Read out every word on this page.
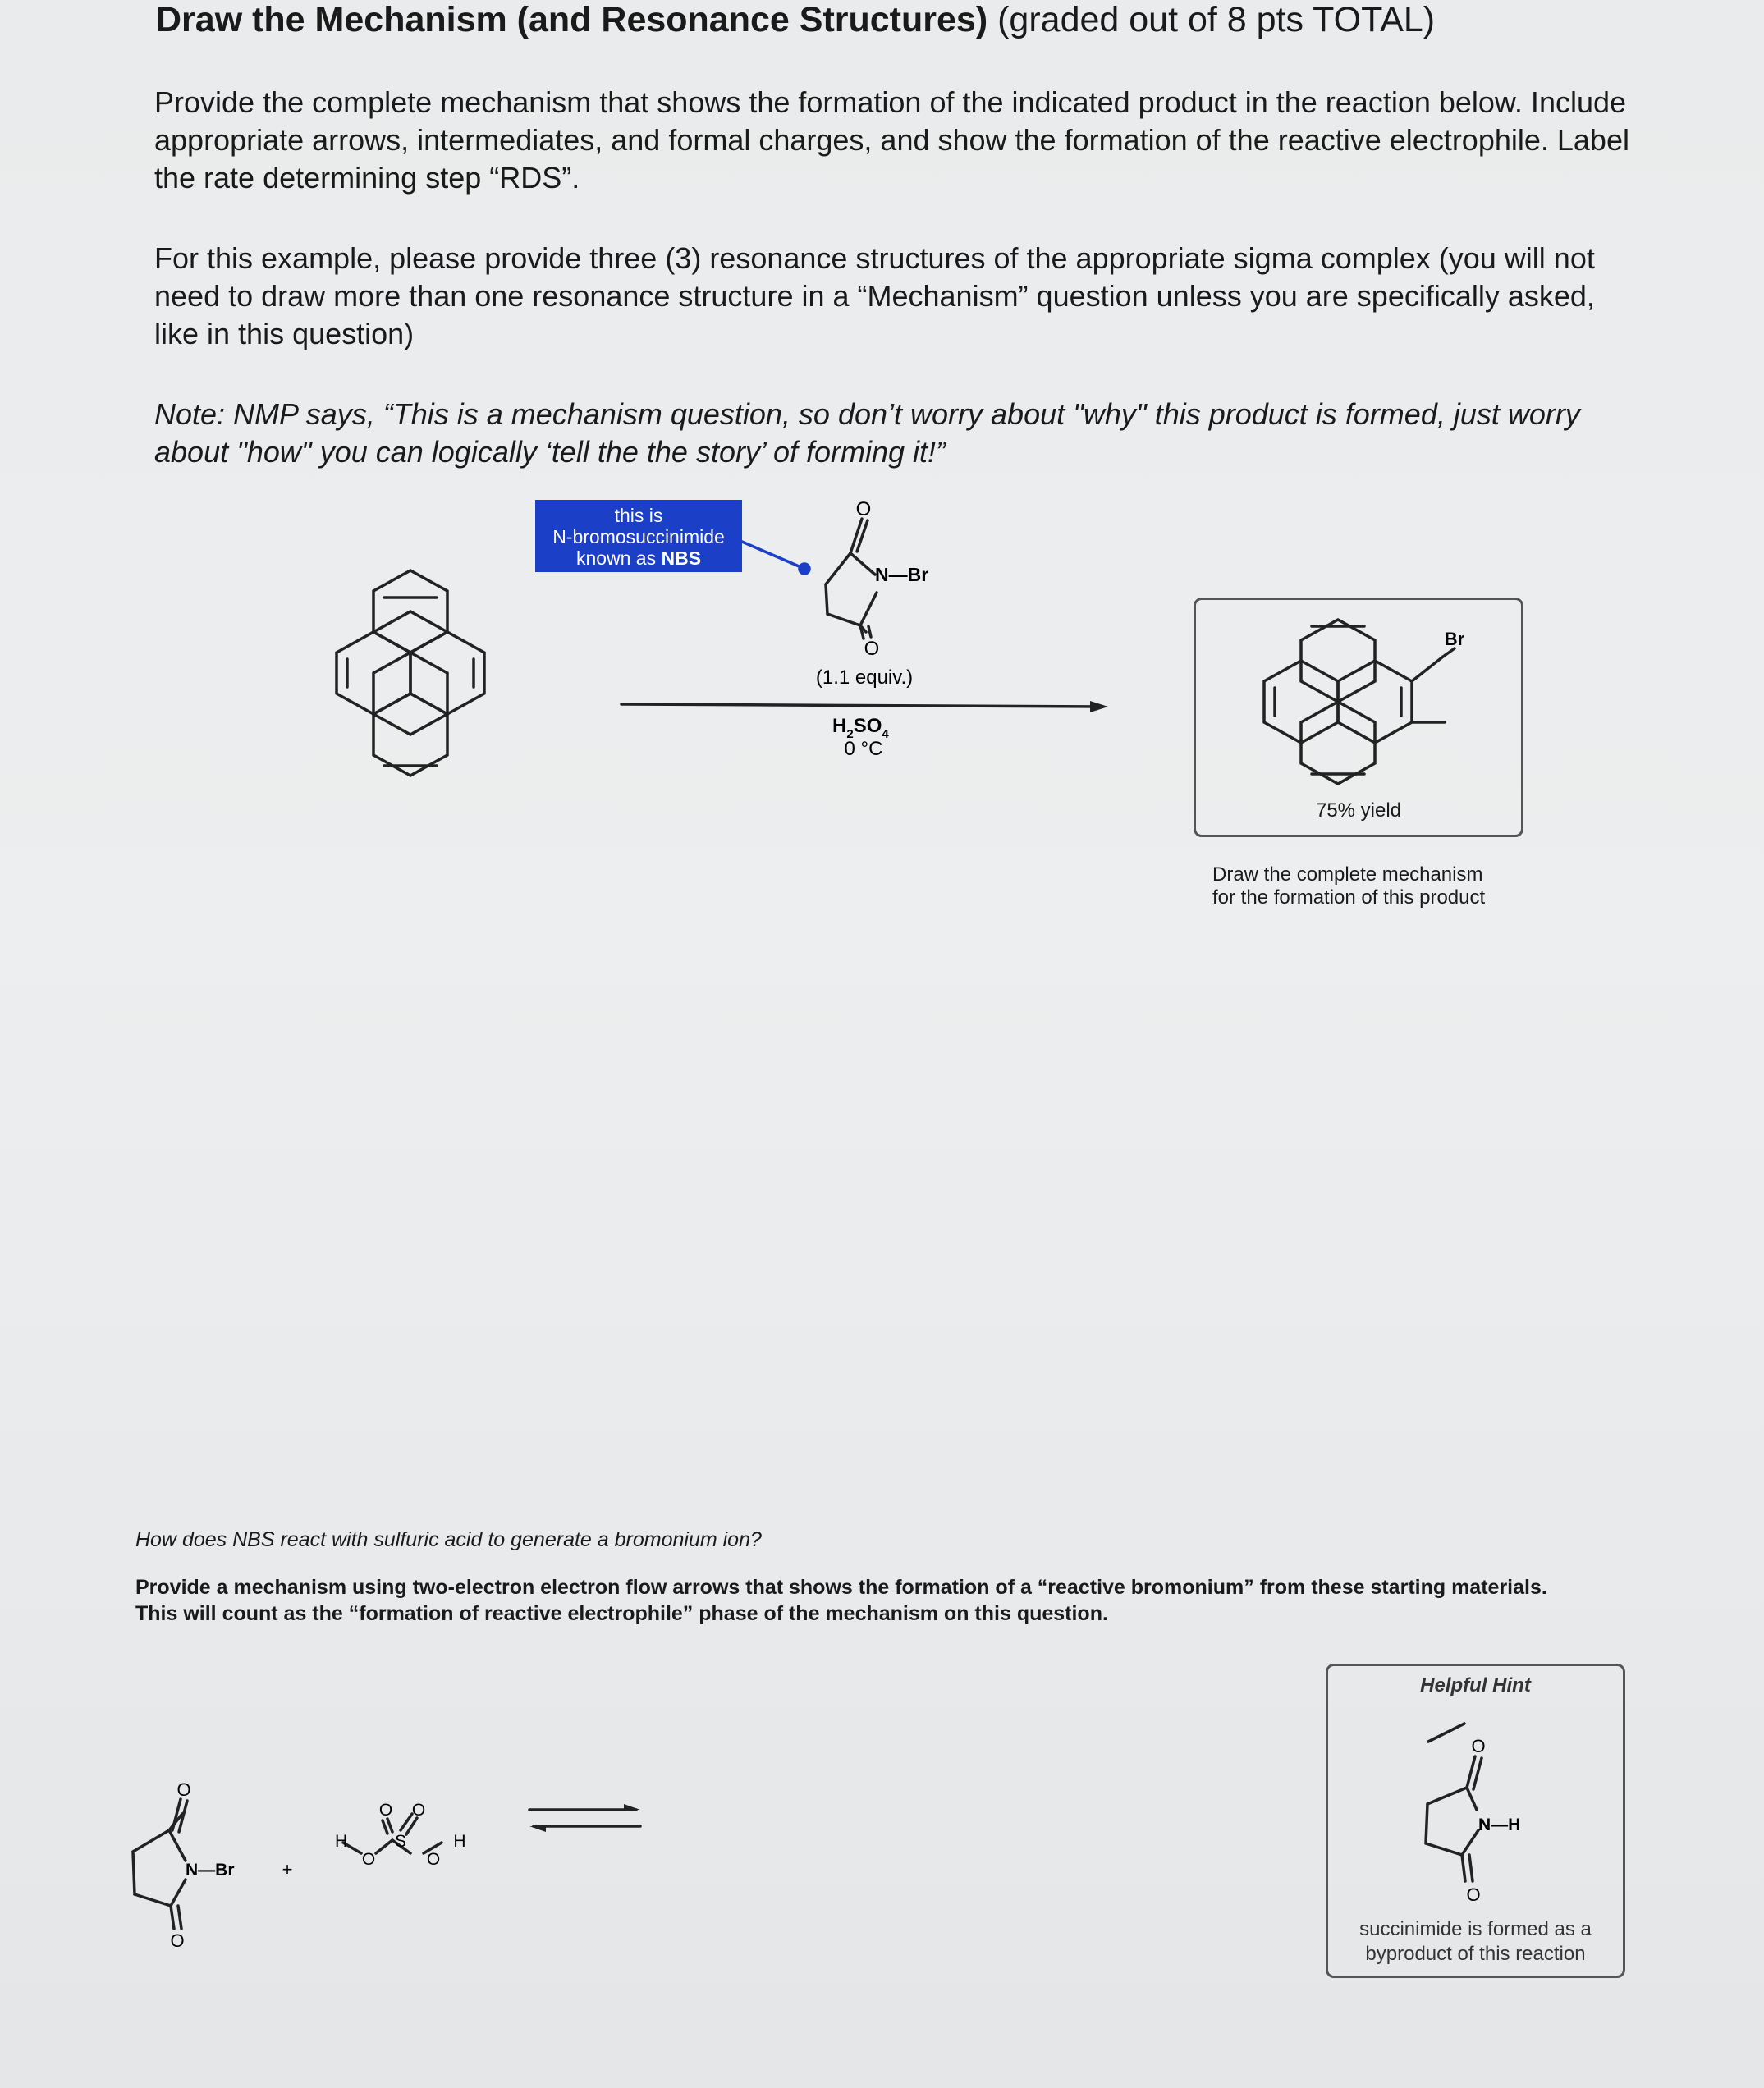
Draw the Mechanism (and Resonance Structures) (graded out of 8 pts TOTAL)
Provide the complete mechanism that shows the formation of the indicated product in the reaction below. Include appropriate arrows, intermediates, and formal charges, and show the formation of the reactive electrophile. Label the rate determining step “RDS”.
For this example, please provide three (3) resonance structures of the appropriate sigma complex (you will not need to draw more than one resonance structure in a “Mechanism” question unless you are specifically asked, like in this question)
Note: NMP says, “This is a mechanism question, so don’t worry about "why" this product is formed, just worry about "how" you can logically ‘tell the the story’ of forming it!”
this is
N-bromosuccinimide
known as NBS
O
O
N—Br
(1.1 equiv.)
$H_2SO_4$
0 °C
Br
75% yield
Draw the complete mechanism
for the formation of this product
How does NBS react with sulfuric acid to generate a bromonium ion?
Provide a mechanism using two-electron electron flow arrows that shows the formation of a “reactive bromonium” from these starting materials. This will count as the “formation of reactive electrophile” phase of the mechanism on this question.
O
O
N—Br	+
H
O
O O
S
O
H
Helpful Hint
O
O
N—H
succinimide is formed as a
byproduct of this reaction
